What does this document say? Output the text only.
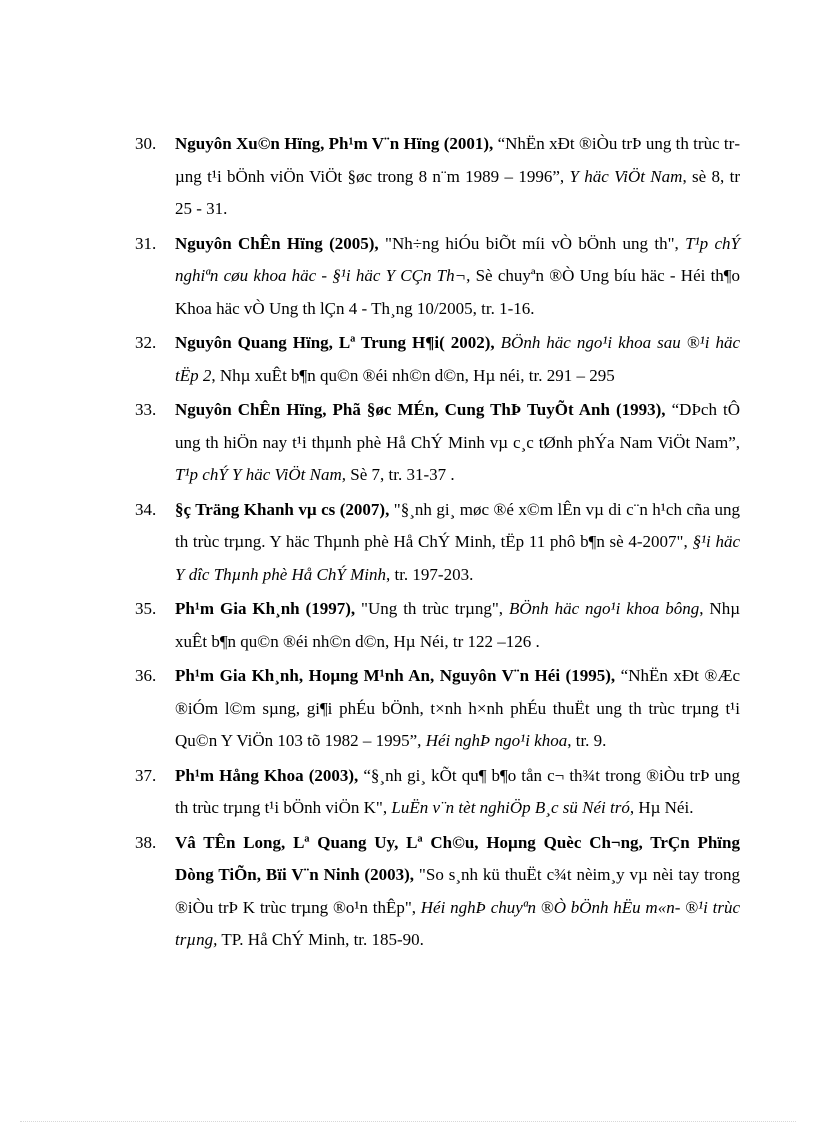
30.	Nguyôn Xu©n Hïng, Ph¹m V¨n Hïng (2001), “NhËn xÐt ®iÒu trÞ ung th trùc trµng t¹i bÖnh viÖn ViÖt §øc trong 8 n¨m 1989 – 1996”, Y häc ViÖt Nam, sè 8, tr 25 - 31.
31.	Nguyôn ChÊn Hïng (2005), "Nh÷ng hiÓu biÕt míi vÒ bÖnh ung th", T¹p chÝ nghiªn cøu khoa häc - §¹i häc Y CÇn Th¬, Sè chuyªn ®Ò Ung bíu häc - Héi th¶o Khoa häc vÒ Ung th lÇn 4 - Th¸ng 10/2005, tr. 1-16.
32.	Nguyôn Quang Hïng, Lª Trung H¶i( 2002), BÖnh häc ngo¹i khoa sau ®¹i häc tËp 2, Nhµ xuÊt b¶n qu©n ®éi nh©n d©n, Hµ néi, tr. 291 – 295
33.	Nguyôn ChÊn Hïng, Phã §øc MÉn, Cung ThÞ TuyÕt Anh (1993), “DÞch tÔ ung th hiÖn nay t¹i thµnh phè Hå ChÝ Minh vµ c¸c tØnh phÝa Nam ViÖt Nam”, T¹p chÝ Y häc ViÖt Nam, Sè 7, tr. 31-37 .
34.	§ç Träng Khanh vµ cs (2007), "§¸nh gi¸ møc ®é x©m lÊn vµ di c¨n h¹ch cña ung th trùc trµng. Y häc Thµnh phè Hå ChÝ Minh, tËp 11 phô b¶n sè 4-2007", §¹i häc Y dîc Thµnh phè Hå ChÝ Minh, tr. 197-203.
35.	Ph¹m Gia Kh¸nh (1997), "Ung th trùc trµng", BÖnh häc ngo¹i khoa bông, Nhµ xuÊt b¶n qu©n ®éi nh©n d©n, Hµ Néi, tr 122 –126 .
36.	Ph¹m Gia Kh¸nh, Hoµng M¹nh An, Nguyôn V¨n Héi (1995), “NhËn xÐt ®Æc ®iÓm l©m sµng, gi¶i phÉu bÖnh, t×nh h×nh phÉu thuËt ung th trùc trµng t¹i Qu©n Y ViÖn 103 tõ 1982 – 1995”, Héi nghÞ ngo¹i khoa, tr. 9.
37.	Ph¹m Hång Khoa (2003), “§¸nh gi¸ kÕt qu¶ b¶o tån c¬ th¾t trong ®iÒu trÞ ung th trùc trµng t¹i bÖnh viÖn K", LuËn v¨n tèt nghiÖp B¸c sü Néi tró, Hµ Néi.
38.	Vâ TÊn Long, Lª Quang Uy, Lª Ch©u, Hoµng Quèc Ch¬ng, TrÇn Phïng Dòng TiÕn, Bïi V¨n Ninh (2003), "So s¸nh kü thuËt c¾t nèim¸y vµ nèi tay trong ®iÒu trÞ K trùc trµng ®o¹n thÊp", Héi nghÞ chuyªn ®Ò bÖnh hËu m«n- ®¹i trùc trµng, TP. Hå ChÝ Minh, tr. 185-90.
